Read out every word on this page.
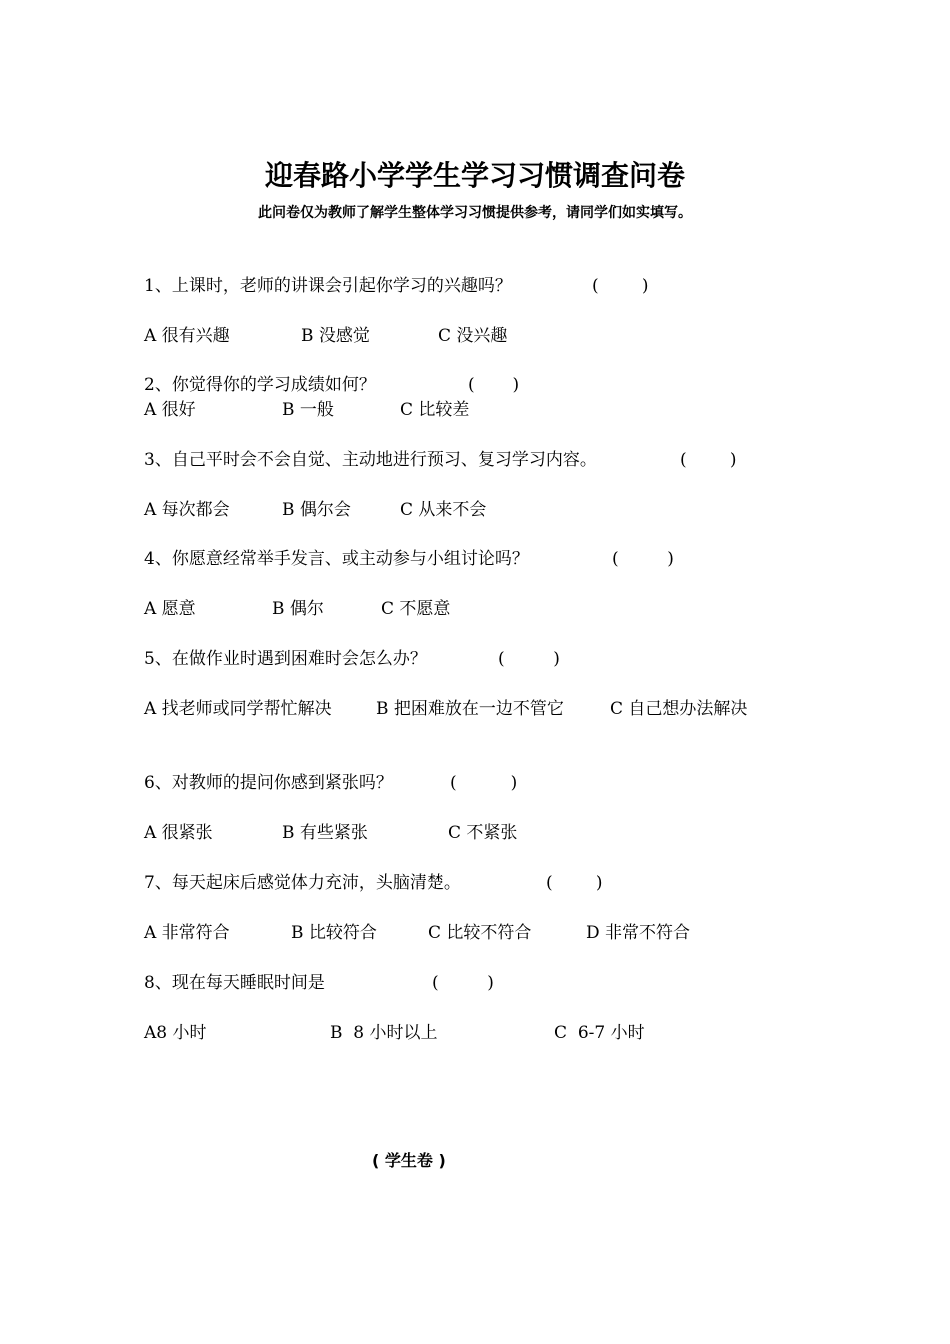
迎春路小学学生学习习惯调查问卷
此问卷仅为教师了解学生整体学习习惯提供参考，请同学们如实填写。
1、上课时，老师的讲课会引起你学习的兴趣吗？	(        )
A 很有兴趣	B 没感觉	C 没兴趣
2、你觉得你的学习成绩如何？	(       )
A 很好	B 一般	C 比较差
3、自己平时会不会自觉、主动地进行预习、复习学习内容。	(        )
A 每次都会	B 偶尔会	C 从来不会
4、你愿意经常举手发言、或主动参与小组讨论吗？	(         )
A 愿意	B 偶尔	C 不愿意
5、在做作业时遇到困难时会怎么办？	(         )
A 找老师或同学帮忙解决	B 把困难放在一边不管它	C 自己想办法解决
6、对教师的提问你感到紧张吗？	(          )
A 很紧张	B 有些紧张	C 不紧张
7、每天起床后感觉体力充沛，头脑清楚。	(        )
A 非常符合	B 比较符合	C 比较不符合	D 非常不符合
8、现在每天睡眠时间是	(         )
A8 小时	B  8 小时以上	C  6-7 小时
( 学生卷 )
